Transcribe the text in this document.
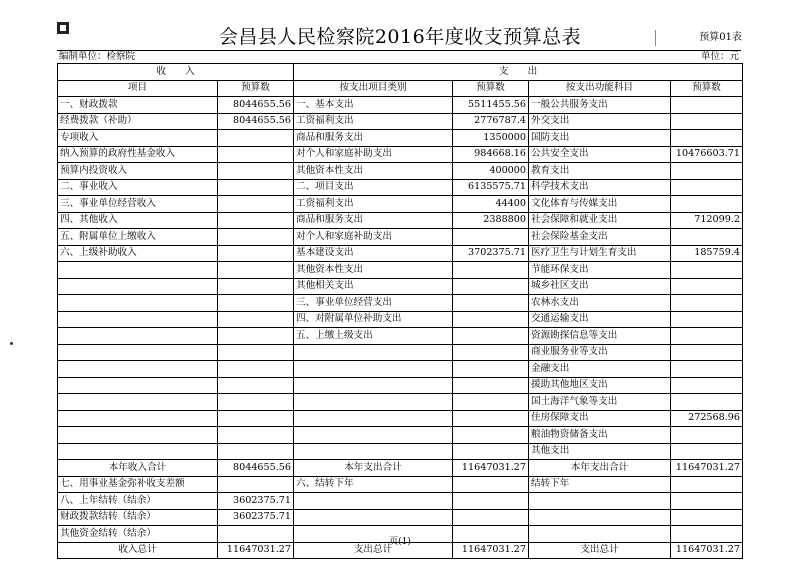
会昌县人民检察院2016年度收支预算总表	预算01表
编制单位：检察院	单位：元
收　　入		支　　出			
项目	预算数	按支出项目类别	预算数	按支出功能科目	预算数
一、财政拨款	8044655.56	一、基本支出	5511455.56	一般公共服务支出	
经费拨款（补助）	8044655.56	工资福利支出	2776787.4	外交支出	
专项收入		商品和服务支出	1350000	国防支出	
纳入预算的政府性基金收入		对个人和家庭补助支出	984668.16	公共安全支出	10476603.71
预算内投资收入		其他资本性支出	400000	教育支出	
二、事业收入		二、项目支出	6135575.71	科学技术支出	
三、事业单位经营收入		工资福利支出	44400	文化体育与传媒支出	
四、其他收入		商品和服务支出	2388800	社会保障和就业支出	712099.2
五、附属单位上缴收入		对个人和家庭补助支出		社会保险基金支出	
六、上级补助收入		基本建设支出	3702375.71	医疗卫生与计划生育支出	185759.4
		其他资本性支出		节能环保支出	
		其他相关支出		城乡社区支出	
		三、事业单位经营支出		农林水支出	
		四、对附属单位补助支出		交通运输支出	
		五、上缴上级支出		资源勘探信息等支出	
				商业服务业等支出	
				金融支出	
				援助其他地区支出	
				国土海洋气象等支出	
				住房保障支出	272568.96
				粮油物资储备支出	
				其他支出	
本年收入合计	8044655.56	本年支出合计	11647031.27	本年支出合计	11647031.27
七、用事业基金弥补收支差额		六、结转下年		结转下年	
八、上年结转（结余）	3602375.71				
财政拨款结转（结余）	3602375.71				
其他资金结转（结余）					
收入总计	11647031.27	支出总计	11647031.27	支出总计	11647031.27
页(1)
